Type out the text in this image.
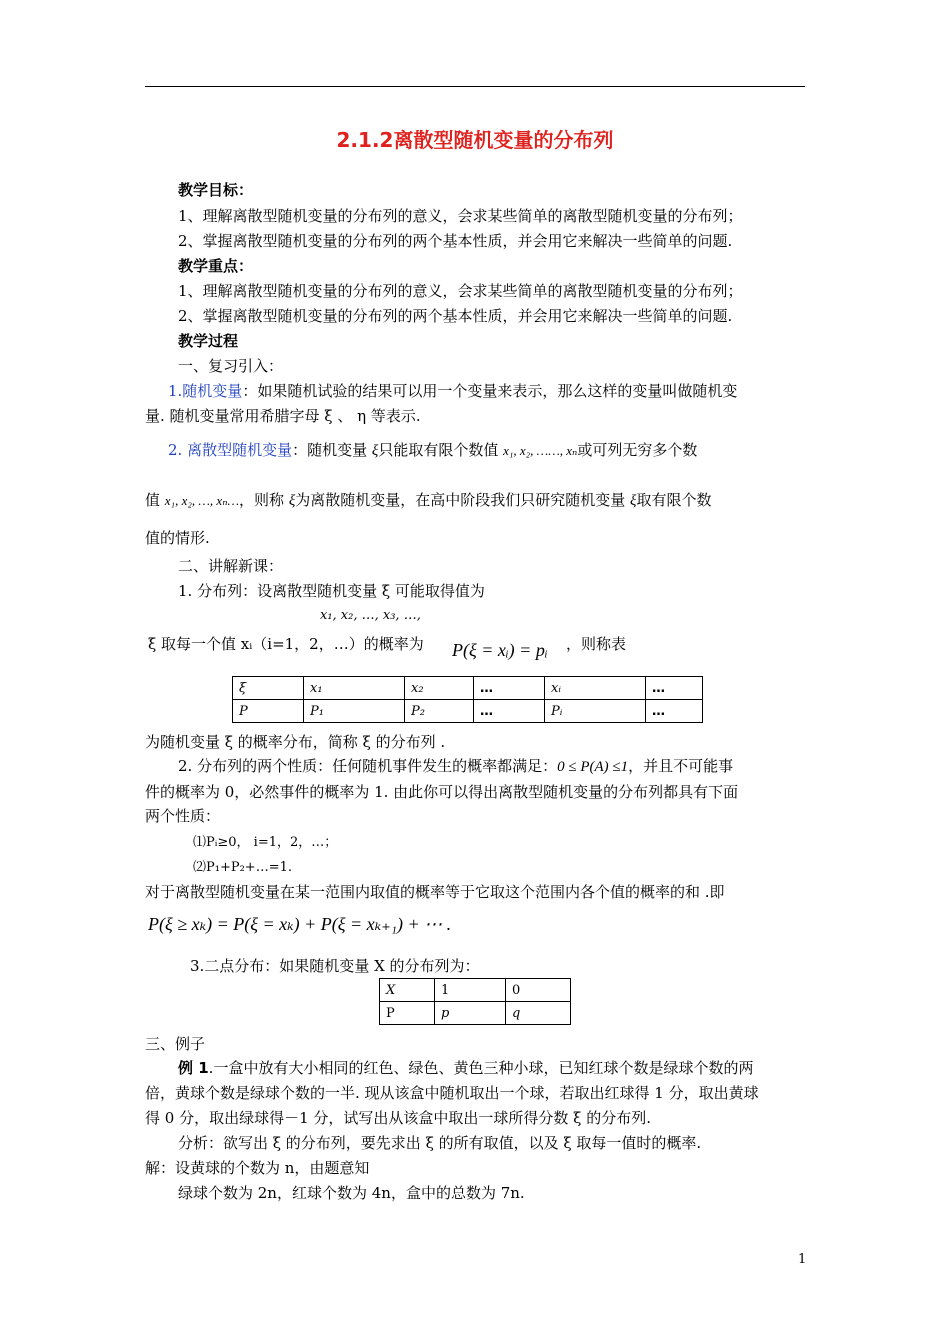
2.1.2离散型随机变量的分布列
教学目标：
1、理解离散型随机变量的分布列的意义，会求某些简单的离散型随机变量的分布列；
2、掌握离散型随机变量的分布列的两个基本性质，并会用它来解决一些简单的问题.
教学重点：
1、理解离散型随机变量的分布列的意义，会求某些简单的离散型随机变量的分布列；
2、掌握离散型随机变量的分布列的两个基本性质，并会用它来解决一些简单的问题.
教学过程
一、复习引入：
1.随机变量：如果随机试验的结果可以用一个变量来表示，那么这样的变量叫做随机变
量. 随机变量常用希腊字母 ξ 、 η 等表示.
2. 离散型随机变量：随机变量 ξ只能取有限个数值 x₁, x₂, ……, xₙ或可列无穷多个数
值 x₁, x₂, …, xₙ…，则称 ξ为离散随机变量，在高中阶段我们只研究随机变量 ξ取有限个数
值的情形.
二、讲解新课：
1. 分布列：设离散型随机变量 ξ 可能取得值为
x₁, x₂, …, x₃, …,
ξ 取每一个值 xᵢ（i=1，2，…）的概率为 P(ξ = xᵢ) = pᵢ ，则称表
ξ	x₁	x₂	…	xᵢ	…
P	P₁	P₂	…	Pᵢ	…
为随机变量 ξ 的概率分布，简称 ξ 的分布列 .
2. 分布列的两个性质：任何随机事件发生的概率都满足：0 ≤ P(A) ≤1，并且不可能事
件的概率为 0，必然事件的概率为 1. 由此你可以得出离散型随机变量的分布列都具有下面
两个性质：
⑴Pᵢ≥0， i=1，2，…；
⑵P₁+P₂+…=1.
对于离散型随机变量在某一范围内取值的概率等于它取这个范围内各个值的概率的和 .即
P(ξ ≥ xₖ) = P(ξ = xₖ) + P(ξ = xₖ₊₁) + ⋯ .
3.二点分布：如果随机变量 X 的分布列为：
X	1	0
P	p	q
三、例子
例 1.一盒中放有大小相同的红色、绿色、黄色三种小球，已知红球个数是绿球个数的两
倍，黄球个数是绿球个数的一半. 现从该盒中随机取出一个球，若取出红球得 1 分，取出黄球
得 0 分，取出绿球得－1 分，试写出从该盒中取出一球所得分数 ξ 的分布列.
分析：欲写出 ξ 的分布列，要先求出 ξ 的所有取值，以及 ξ 取每一值时的概率.
解：设黄球的个数为 n，由题意知
绿球个数为 2n，红球个数为 4n，盒中的总数为 7n.
1
